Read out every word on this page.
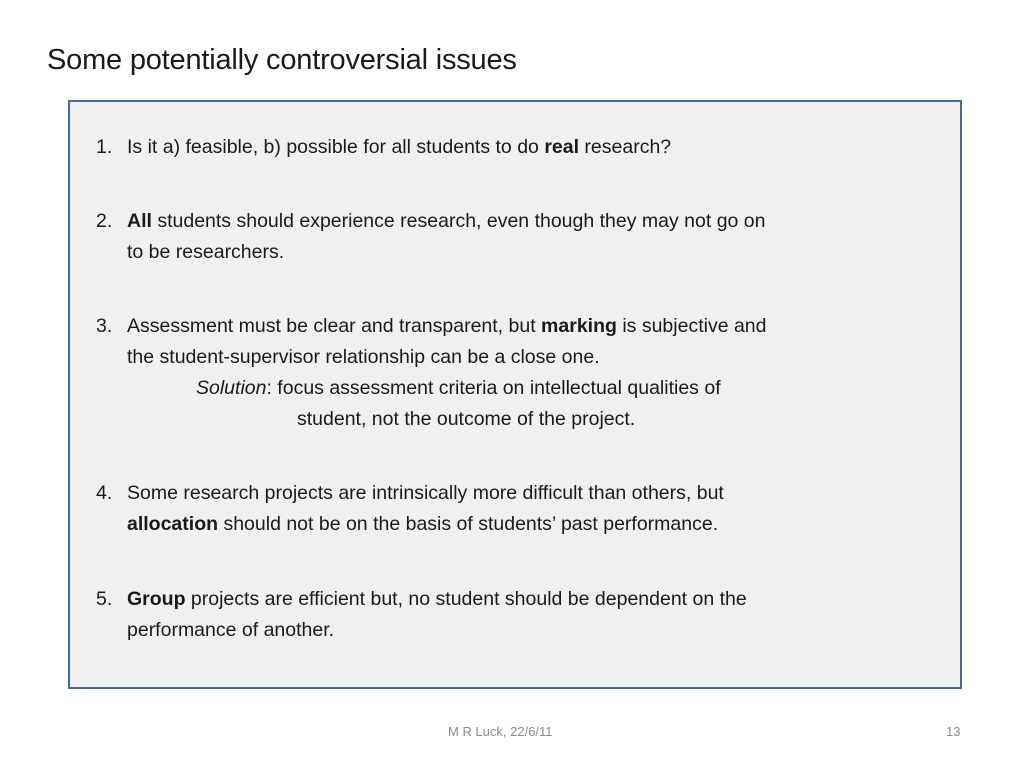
Some potentially controversial issues
1. Is it a) feasible, b) possible for all students to do real research?
2. All students should experience research, even though they may not go on
to be researchers.
3. Assessment must be clear and transparent, but marking is subjective and
the student-supervisor relationship can be a close one.
Solution: focus assessment criteria on intellectual qualities of
student, not the outcome of the project.
4. Some research projects are intrinsically more difficult than others, but
allocation should not be on the basis of students’ past performance.
5. Group projects are efficient but, no student should be dependent on the
performance of another.
M R Luck, 22/6/11	13
